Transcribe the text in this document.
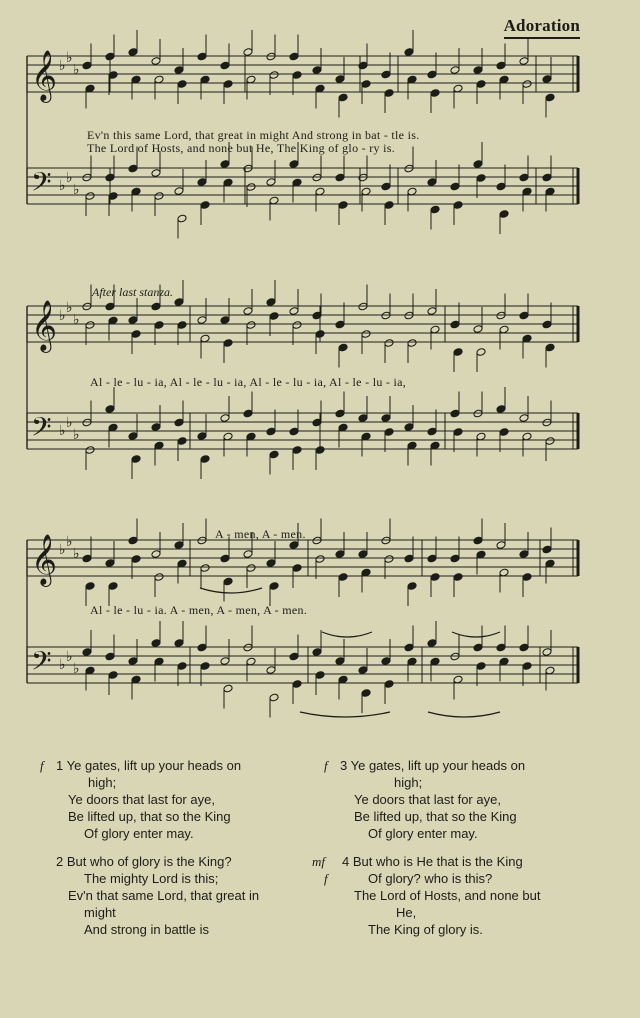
Adoration
𝄞 ♭ ♭
♭
𝄢 ♭ ♭
♭
𝄞 ♭ ♭
♭
𝄢 ♭ ♭
♭
𝄞 ♭ ♭
♭
𝄢 ♭ ♭
♭
Ev'n this same Lord, that great in might And strong in bat - tle is.
The Lord of Hosts, and none but He, The King of glo - ry is.
After last stanza.
Al - le - lu - ia, Al - le - lu - ia, Al - le - lu - ia, Al - le - lu - ia,
A - men, A - men.
Al - le - lu - ia. A - men, A - men, A - men.
f 1 Ye gates, lift up your heads on
high;
Ye doors that last for aye,
Be lifted up, that so the King
Of glory enter may.
2 But who of glory is the King?
The mighty Lord is this;
Ev'n that same Lord, that great in
might
And strong in battle is
f 3 Ye gates, lift up your heads on
high;
Ye doors that last for aye,
Be lifted up, that so the King
Of glory enter may.
mf
f
4 But who is He that is the King
Of glory? who is this?
The Lord of Hosts, and none but
He,
The King of glory is.
